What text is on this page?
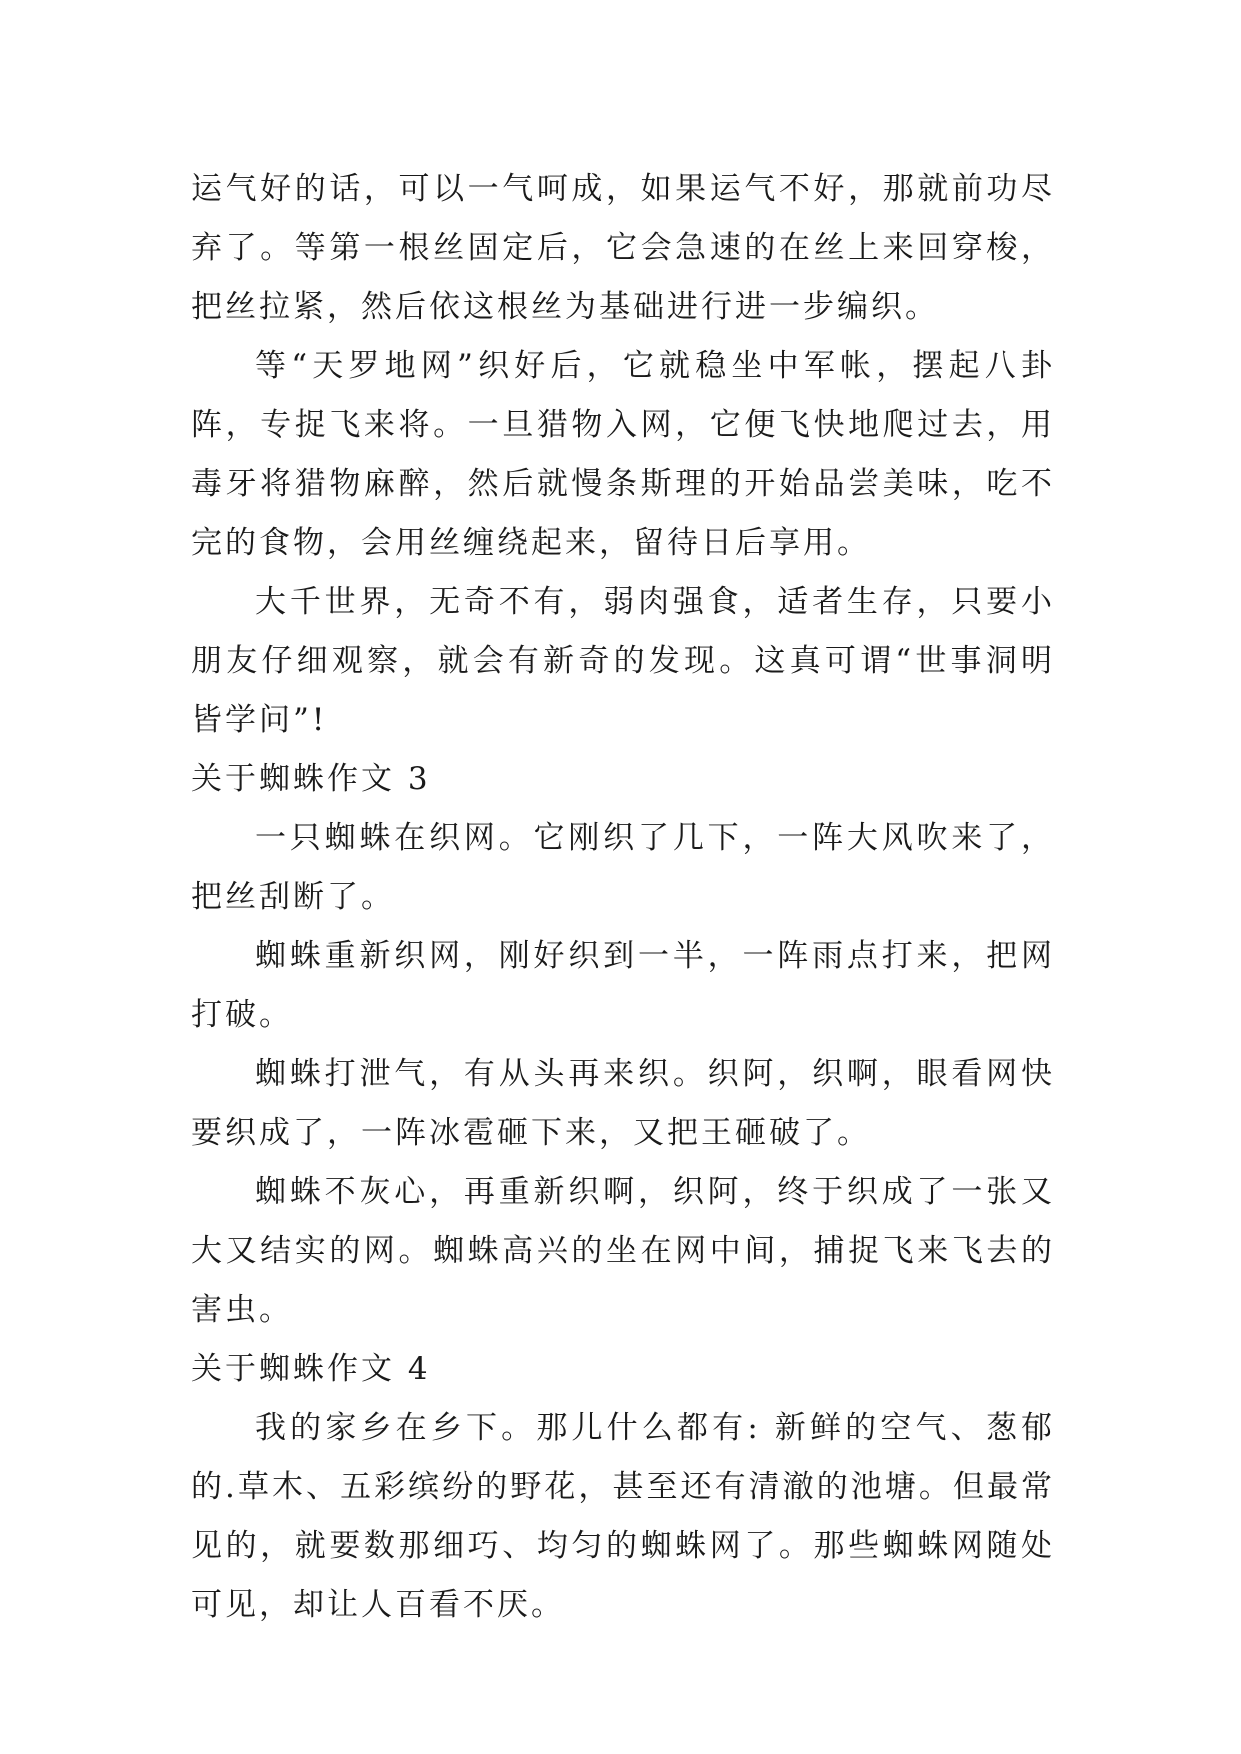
运气好的话，可以一气呵成，如果运气不好，那就前功尽弃了。等第一根丝固定后，它会急速的在丝上来回穿梭，把丝拉紧，然后依这根丝为基础进行进一步编织。

等“天罗地网”织好后，它就稳坐中军帐，摆起八卦阵，专捉飞来将。一旦猎物入网，它便飞快地爬过去，用毒牙将猎物麻醉，然后就慢条斯理的开始品尝美味，吃不完的食物，会用丝缠绕起来，留待日后享用。

大千世界，无奇不有，弱肉强食，适者生存，只要小朋友仔细观察，就会有新奇的发现。这真可谓“世事洞明皆学问”!

关于蜘蛛作文 3

一只蜘蛛在织网。它刚织了几下，一阵大风吹来了，把丝刮断了。

蜘蛛重新织网，刚好织到一半，一阵雨点打来，把网打破。

蜘蛛打泄气，有从头再来织。织阿，织啊，眼看网快要织成了，一阵冰雹砸下来，又把王砸破了。

蜘蛛不灰心，再重新织啊，织阿，终于织成了一张又大又结实的网。蜘蛛高兴的坐在网中间，捕捉飞来飞去的害虫。

关于蜘蛛作文 4

我的家乡在乡下。那儿什么都有: 新鲜的空气、葱郁的.草木、五彩缤纷的野花，甚至还有清澈的池塘。但最常见的，就要数那细巧、均匀的蜘蛛网了。那些蜘蛛网随处可见，却让人百看不厌。
